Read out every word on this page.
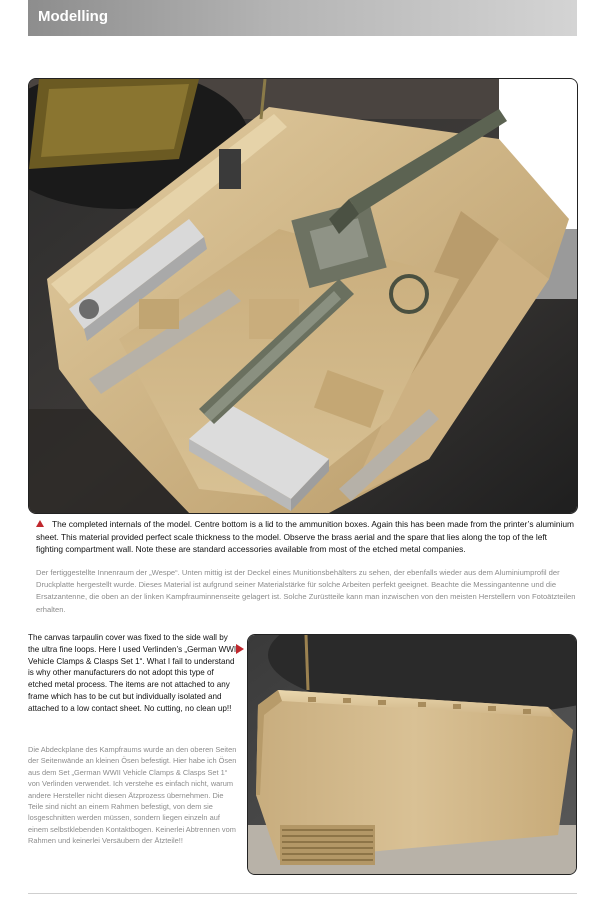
Modelling
The completed internals of the model. Centre bottom is a lid to the ammunition boxes. Again this has been made from the printer’s aluminium sheet. This material provided perfect scale thickness to the model. Observe the brass aerial and the spare that lies along the top of the left fighting compartment wall. Note these are standard accessories available from most of the etched metal companies.
Der fertiggestellte Innenraum der „Wespe“. Unten mittig ist der Deckel eines Munitionsbehälters zu sehen, der ebenfalls wieder aus dem Aluminiumprofil der Druckplatte hergestellt wurde. Dieses Material ist aufgrund seiner Materialstärke für solche Arbeiten perfekt geeignet. Beachte die Messingantenne und die Ersatzantenne, die oben an der linken Kampfrauminnenseite gelagert ist. Solche Zurüstteile kann man inzwischen von den meisten Herstellern von Fotoätzteilen erhalten.
The canvas tarpaulin cover was fixed to the side wall by the ultra fine loops. Here I used Verlinden’s „German WWII Vehicle Clamps & Clasps Set 1“. What I fail to understand is why other manufacturers do not adopt this type of etched metal process. The items are not attached to any frame which has to be cut but individually isolated and attached to a low contact sheet. No cutting, no clean up!!
Die Abdeckplane des Kampfraums wurde an den oberen Seiten der Seitenwände an kleinen Ösen befestigt. Hier habe ich Ösen aus dem Set „German WWII Vehicle Clamps & Clasps Set 1“ von Verlinden verwendet. Ich verstehe es einfach nicht, warum andere Hersteller nicht diesen Ätzprozess übernehmen. Die Teile sind nicht an einem Rahmen befestigt, von dem sie losgeschnitten werden müssen, sondern liegen einzeln auf einem selbstklebenden Kontaktbogen. Keinerlei Abtrennen vom Rahmen und keinerlei Versäubern der Ätzteile!!
